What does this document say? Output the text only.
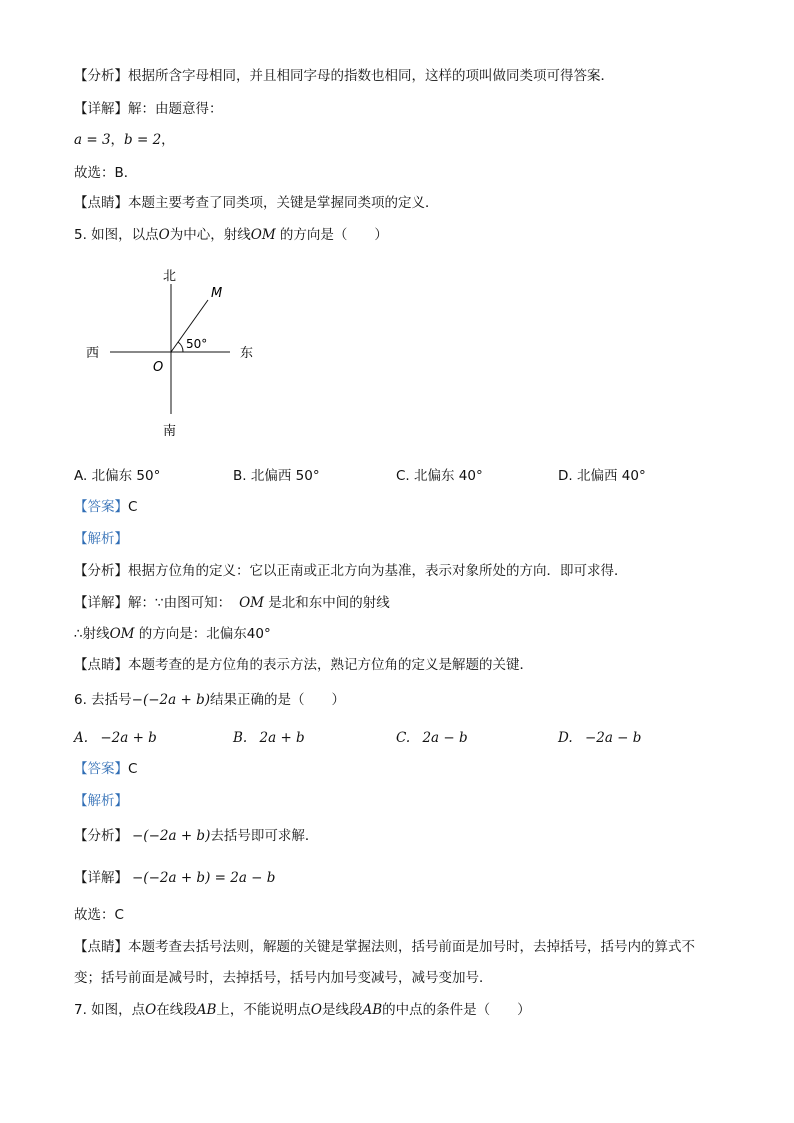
【分析】根据所含字母相同，并且相同字母的指数也相同，这样的项叫做同类项可得答案．
【详解】解：由题意得：
a = 3，b = 2，
故选：B．
【点睛】本题主要考查了同类项，关键是掌握同类项的定义．
5. 如图，以点O为中心，射线OM 的方向是（　　）
北
南
东
西
O
M
50°
A. 北偏东 50°	B. 北偏西 50°	C. 北偏东 40°	D. 北偏西 40°
【答案】C
【解析】
【分析】根据方位角的定义：它以正南或正北方向为基准，表示对象所处的方向．即可求得．
【详解】解：∵由图可知： OM 是北和东中间的射线
∴射线OM 的方向是：北偏东40°
【点睛】本题考查的是方位角的表示方法，熟记方位角的定义是解题的关键．
6. 去括号−(−2a + b)结果正确的是（　　）
A. −2a + b	B. 2a + b	C. 2a − b	D. −2a − b
【答案】C
【解析】
【分析】 −(−2a + b)去括号即可求解．
【详解】 −(−2a + b) = 2a − b
故选：C
【点睛】本题考查去括号法则，解题的关键是掌握法则，括号前面是加号时，去掉括号，括号内的算式不
变；括号前面是减号时，去掉括号，括号内加号变减号，减号变加号．
7. 如图，点O在线段AB上，不能说明点O是线段AB的中点的条件是（　　）
